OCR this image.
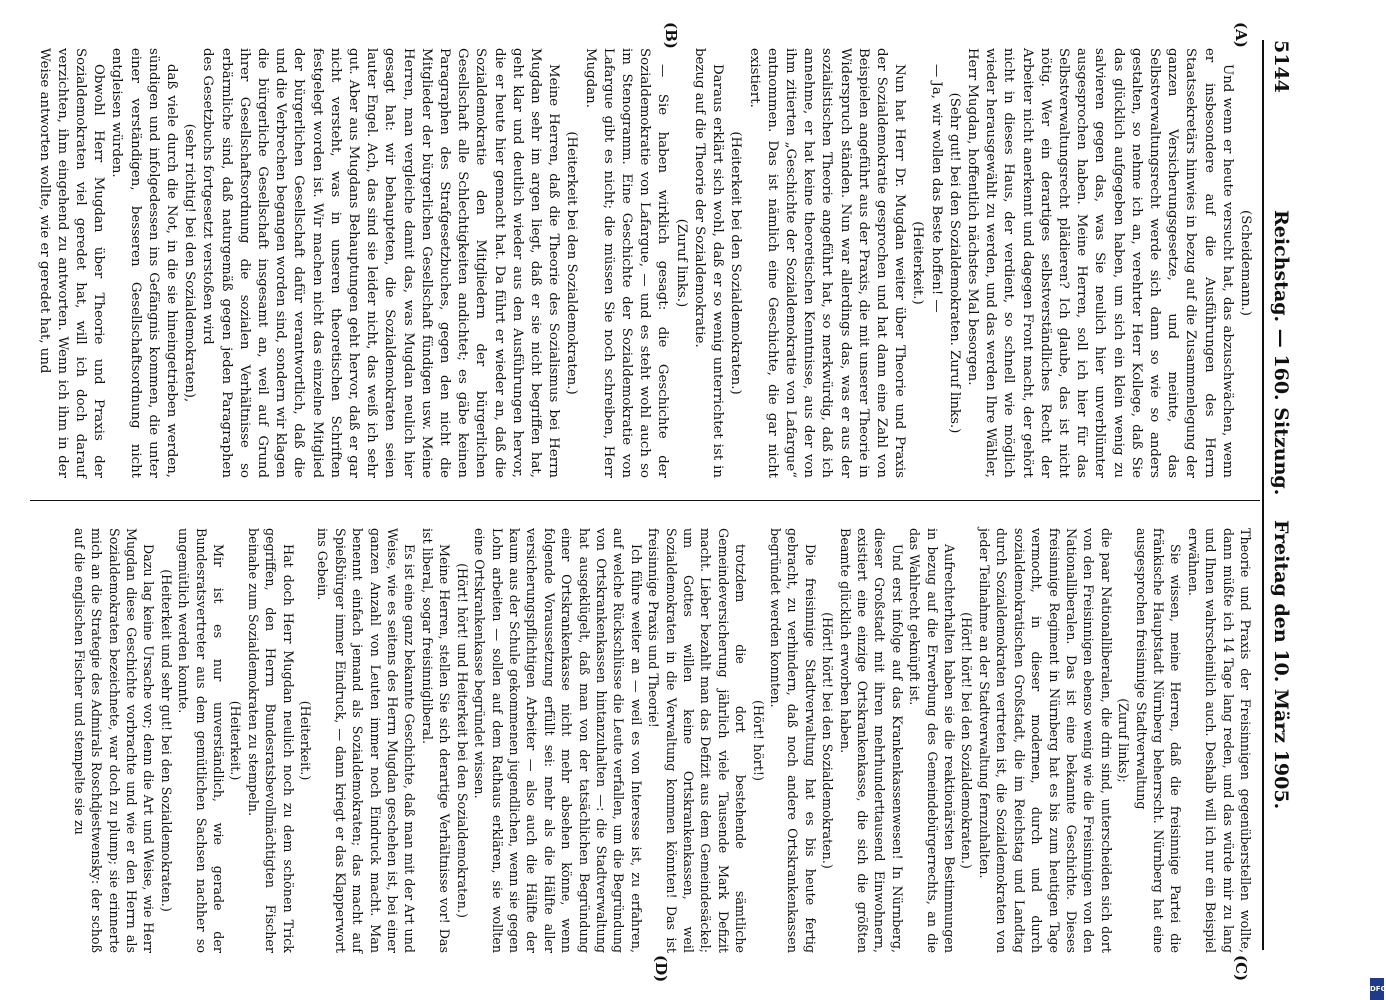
5144
Reichstag. — 160. Sitzung.
Freitag den 10. März 1905.
(A)
(B)
(C)
(D)

(Scheidemann.)

Und wenn er heute versucht hat, das abzuschwächen, wenn er insbesondere auf die Ausführungen des Herrn Staatssekretärs hinwies in bezug auf die Zusammenlegung der ganzen Versicherungsgesetze, und meinte, das Selbstverwaltungsrecht werde sich dann so wie so anders gestalten, so nehme ich an, verehrter Herr Kollege, daß Sie das glücklich aufgegeben haben, um sich ein klein wenig zu salvieren gegen das, was Sie neulich hier unverblümter ausgesprochen haben. Meine Herren, soll ich hier für das Selbstverwaltungsrecht plädieren? Ich glaube, das ist nicht nötig. Wer ein derartiges selbstverständliches Recht der Arbeiter nicht anerkennt und dagegen Front macht, der gehört nicht in dieses Haus, der verdient, so schnell wie möglich wieder herausgewählt zu werden, und das werden Ihre Wähler, Herr Mugdan, hoffentlich nächstes Mal besorgen.

(Sehr gut! bei den Sozialdemokraten. Zuruf links.)

— Ja, wir wollen das Beste hoffen! —

(Heiterkeit.)

Nun hat Herr Dr. Mugdan weiter über Theorie und Praxis der Sozialdemokratie gesprochen und hat dann eine Zahl von Beispielen angeführt aus der Praxis, die mit unserer Theorie in Widerspruch ständen. Nun war allerdings das, was er aus der sozialistischen Theorie angeführt hat, so merkwürdig, daß ich annehme, er hat keine theoretischen Kenntnisse, aus der von ihm zitierten „Geschichte der Sozialdemokratie von Lafargue“ entnommen. Das ist nämlich eine Geschichte, die gar nicht existiert.

(Heiterkeit bei den Sozialdemokraten.)

Daraus erklärt sich wohl, daß er so wenig unterrichtet ist in bezug auf die Theorie der Sozialdemokratie.

(Zuruf links.)

— Sie haben wirklich gesagt: die Geschichte der Sozialdemokratie von Lafargue, — und es steht wohl auch so im Stenogramm. Eine Geschichte der Sozialdemokratie von Lafargue gibt es nicht; die müssen Sie noch schreiben, Herr Mugdan.

(Heiterkeit bei den Sozialdemokraten.)

Meine Herren, daß die Theorie des Sozialismus bei Herrn Mugdan sehr im argen liegt, daß er sie nicht begriffen hat, geht klar und deutlich wieder aus den Ausführungen hervor, die er heute hier gemacht hat. Da führt er wieder an, daß die Sozialdemokratie den Mitgliedern der bürgerlichen Gesellschaft alle Schlechtigkeiten andichtet; es gäbe keinen Paragraphen des Strafgesetzbuches, gegen den nicht die Mitglieder der bürgerlichen Gesellschaft fündigen usw. Meine Herren, man vergleiche damit das, was Mugdan neulich hier gesagt hat: wir behaupteten, die Sozialdemokraten seien lauter Engel. Ach, das sind sie leider nicht, das weiß ich sehr gut. Aber aus Mugdans Behauptungen geht hervor, daß er gar nicht versteht, was in unseren theoretischen Schriften festgelegt worden ist. Wir machen nicht das einzelne Mitglied der bürgerlichen Gesellschaft dafür verantwortlich, daß die und die Verbrechen begangen worden sind, sondern wir klagen die bürgerliche Gesellschaft insgesamt an, weil auf Grund ihrer Gesellschaftsordnung die sozialen Verhältnisse so erbärmliche sind, daß naturgemäß gegen jeden Paragraphen des Gesetzbuchs fortgesetzt verstoßen wird

(sehr richtig! bei den Sozialdemokraten),

daß viele durch die Not, in die sie hineingetrieben werden, sündigen und infolgedessen ins Gefängnis kommen, die unter einer verständigen, besseren Gesellschaftsordnung nicht entgleisen würden.

Obwohl Herr Mugdan über Theorie und Praxis der Sozialdemokraten viel geredet hat, will ich doch darauf verzichten, ihm eingehend zu antworten. Wenn ich ihm in der Weise antworten wollte, wie er geredet hat, und

Theorie und Praxis der Freisinnigen gegenüberstellen wollte, dann müßte ich 14 Tage lang reden, und das würde mir zu lang und Ihnen wahrscheinlich auch. Deshalb will ich nur ein Beispiel erwähnen.

Sie wissen, meine Herren, daß die freisinnige Partei die fränkische Hauptstadt Nürnberg beherrscht. Nürnberg hat eine ausgesprochen freisinnige Stadtverwaltung

(Zuruf links);

die paar Nationalliberalen, die drin sind, unterscheiden sich dort von den Freisinnigen ebenso wenig wie die Freisinnigen von den Nationalliberalen. Das ist eine bekannte Geschichte. Dieses freisinnige Regiment in Nürnberg hat es bis zum heutigen Tage vermocht, in dieser modernen, durch und durch sozialdemokratischen Großstadt, die im Reichstag und Landtag durch Sozialdemokraten vertreten ist, die Sozialdemokraten von jeder Teilnahme an der Stadtverwaltung fernzuhalten.

(Hört! hört! bei den Sozialdemokraten.)

Aufrechterhalten haben sie die reaktionärsten Bestimmungen in bezug auf die Erwerbung des Gemeindebürgerrechts, an die das Wahlrecht geknüpft ist.

Und erst infolge auf das Krankenkassenwesen! In Nürnberg, dieser Großstadt mit ihren mehrhunderttausend Einwohnern, existiert eine einzige Ortskrankenkasse, die sich die größten Beamte glücklich erworben haben.

(Hört! hört! bei den Sozialdemokraten.)

Die freisinnige Stadtverwaltung hat es bis heute fertig gebracht, zu verhindern, daß noch andere Ortskrankenkassen begründet werden konnten.

(Hört! hört!)

trotzdem die dort bestehende sämtliche Gemeindeversicherung jährlich viele Tausende Mark Defizit macht. Lieber bezahlt man das Defizit aus dem Gemeindesäckel; um Gottes willen keine Ortskrankenkassen, weil Sozialdemokraten in die Verwaltung kommen könnten! Das ist freisinnige Praxis und Theorie!

Ich führe weiter an — weil es von Interesse ist, zu erfahren, auf welche Rückschlüsse die Leute verfallen, um die Begründung von Ortskrankenkassen hintanzuhalten —: die Stadtverwaltung hat ausgeklügelt, daß man von der tatsächlichen Begründung einer Ortskrankenkasse nicht mehr absehen könne, wenn folgende Voraussetzung erfüllt sei: mehr als die Hälfte aller versicherungspflichtigen Arbeiter — also auch die Hälfte der kaum aus der Schule gekommenen jugendlichen, wenn sie gegen Lohn arbeiten — sollen auf dem Rathaus erklären, sie wollten eine Ortskrankenkasse begründet wissen.

(Hört! hört! und Heiterkeit bei den Sozialdemokraten.)

Meine Herren, stellen Sie sich derartige Verhältnisse vor! Das ist liberal, sogar freisinnigliberal.

Es ist eine ganz bekannte Geschichte, daß man mit der Art und Weise, wie es seitens des Herrn Mugdan geschehen ist, bei einer ganzen Anzahl von Leuten immer noch Eindruck macht. Man benennt einfach jemand als Sozialdemokraten; das macht auf Spießbürger immer Eindruck, — dann kriegt er das Klapperwort ins Gebein.

(Heiterkeit.)

Hat doch Herr Mugdan neulich noch zu dem schönen Trick gegriffen, den Herrn Bundesratsbevollmächtigten Fischer beinahe zum Sozialdemokraten zu stempeln.

(Heiterkeit.)

Mir ist es nur unverständlich, wie gerade der Bundesratsvertreter aus dem gemütlichen Sachsen nachher so ungemütlich werden konnte.

(Heiterkeit und sehr gut! bei den Sozialdemokraten.)

Dazu lag keine Ursache vor; denn die Art und Weise, wie Herr Mugdan diese Geschichte vorbrachte und wie er den Herrn als Sozialdemokraten bezeichnete, war doch zu plump; sie erinnerte mich an die Strategie des Admirals Roschdjestwensky: der schoß auf die englischen Fischer und stempelte sie zu

DFG
